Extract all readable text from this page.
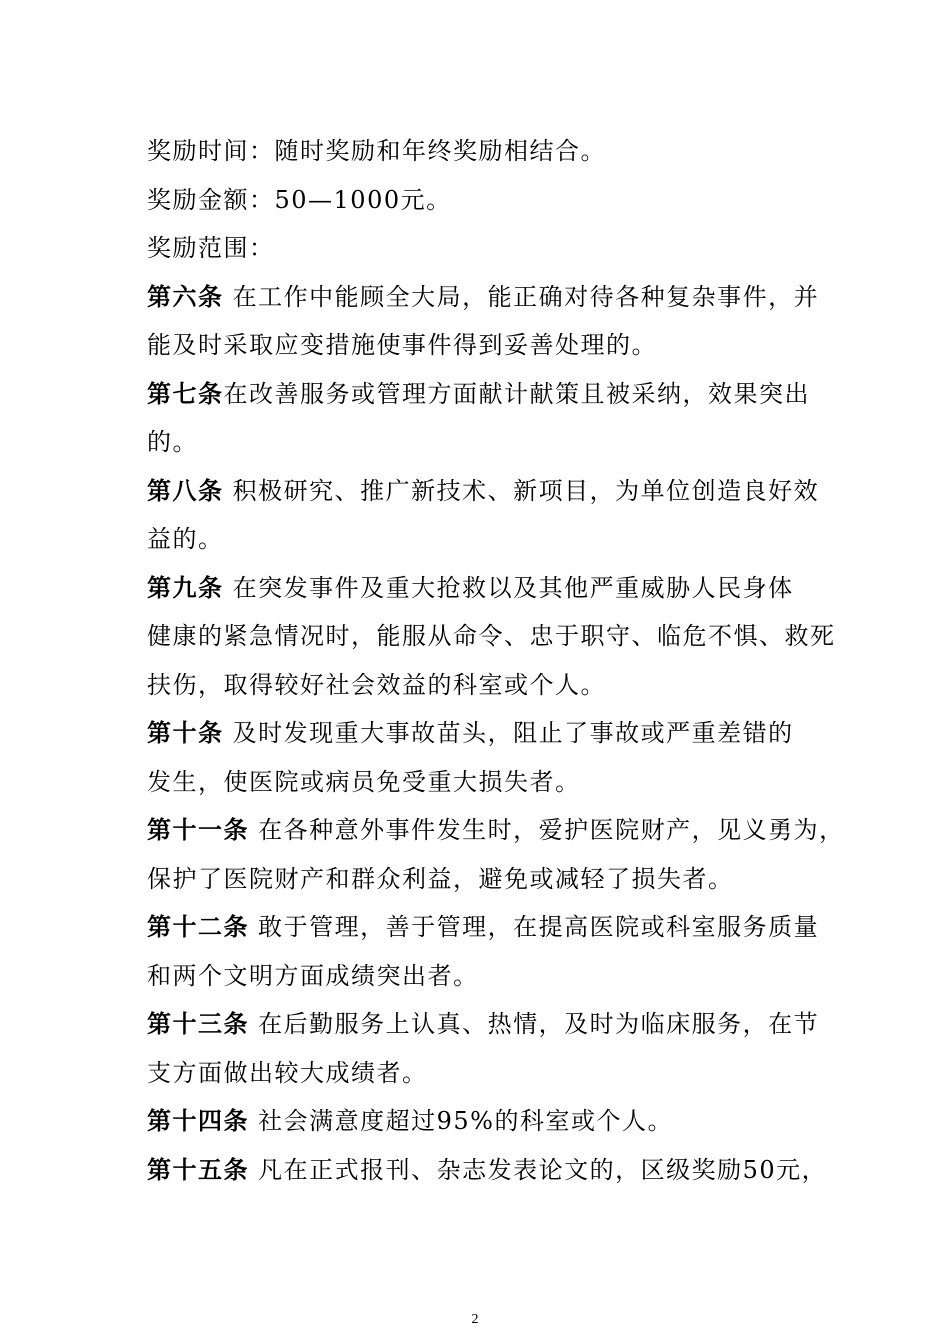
奖励时间：随时奖励和年终奖励相结合。
奖励金额：50—1000元。
奖励范围：
第六条 在工作中能顾全大局，能正确对待各种复杂事件，并
能及时采取应变措施使事件得到妥善处理的。
第七条在改善服务或管理方面献计献策且被采纳，效果突出
的。
第八条 积极研究、推广新技术、新项目，为单位创造良好效
益的。
第九条 在突发事件及重大抢救以及其他严重威胁人民身体
健康的紧急情况时，能服从命令、忠于职守、临危不惧、救死
扶伤，取得较好社会效益的科室或个人。
第十条 及时发现重大事故苗头，阻止了事故或严重差错的
发生，使医院或病员免受重大损失者。
第十一条 在各种意外事件发生时，爱护医院财产，见义勇为，
保护了医院财产和群众利益，避免或减轻了损失者。
第十二条 敢于管理，善于管理，在提高医院或科室服务质量
和两个文明方面成绩突出者。
第十三条 在后勤服务上认真、热情，及时为临床服务，在节
支方面做出较大成绩者。
第十四条 社会满意度超过95%的科室或个人。
第十五条 凡在正式报刊、杂志发表论文的，区级奖励50元，
2
